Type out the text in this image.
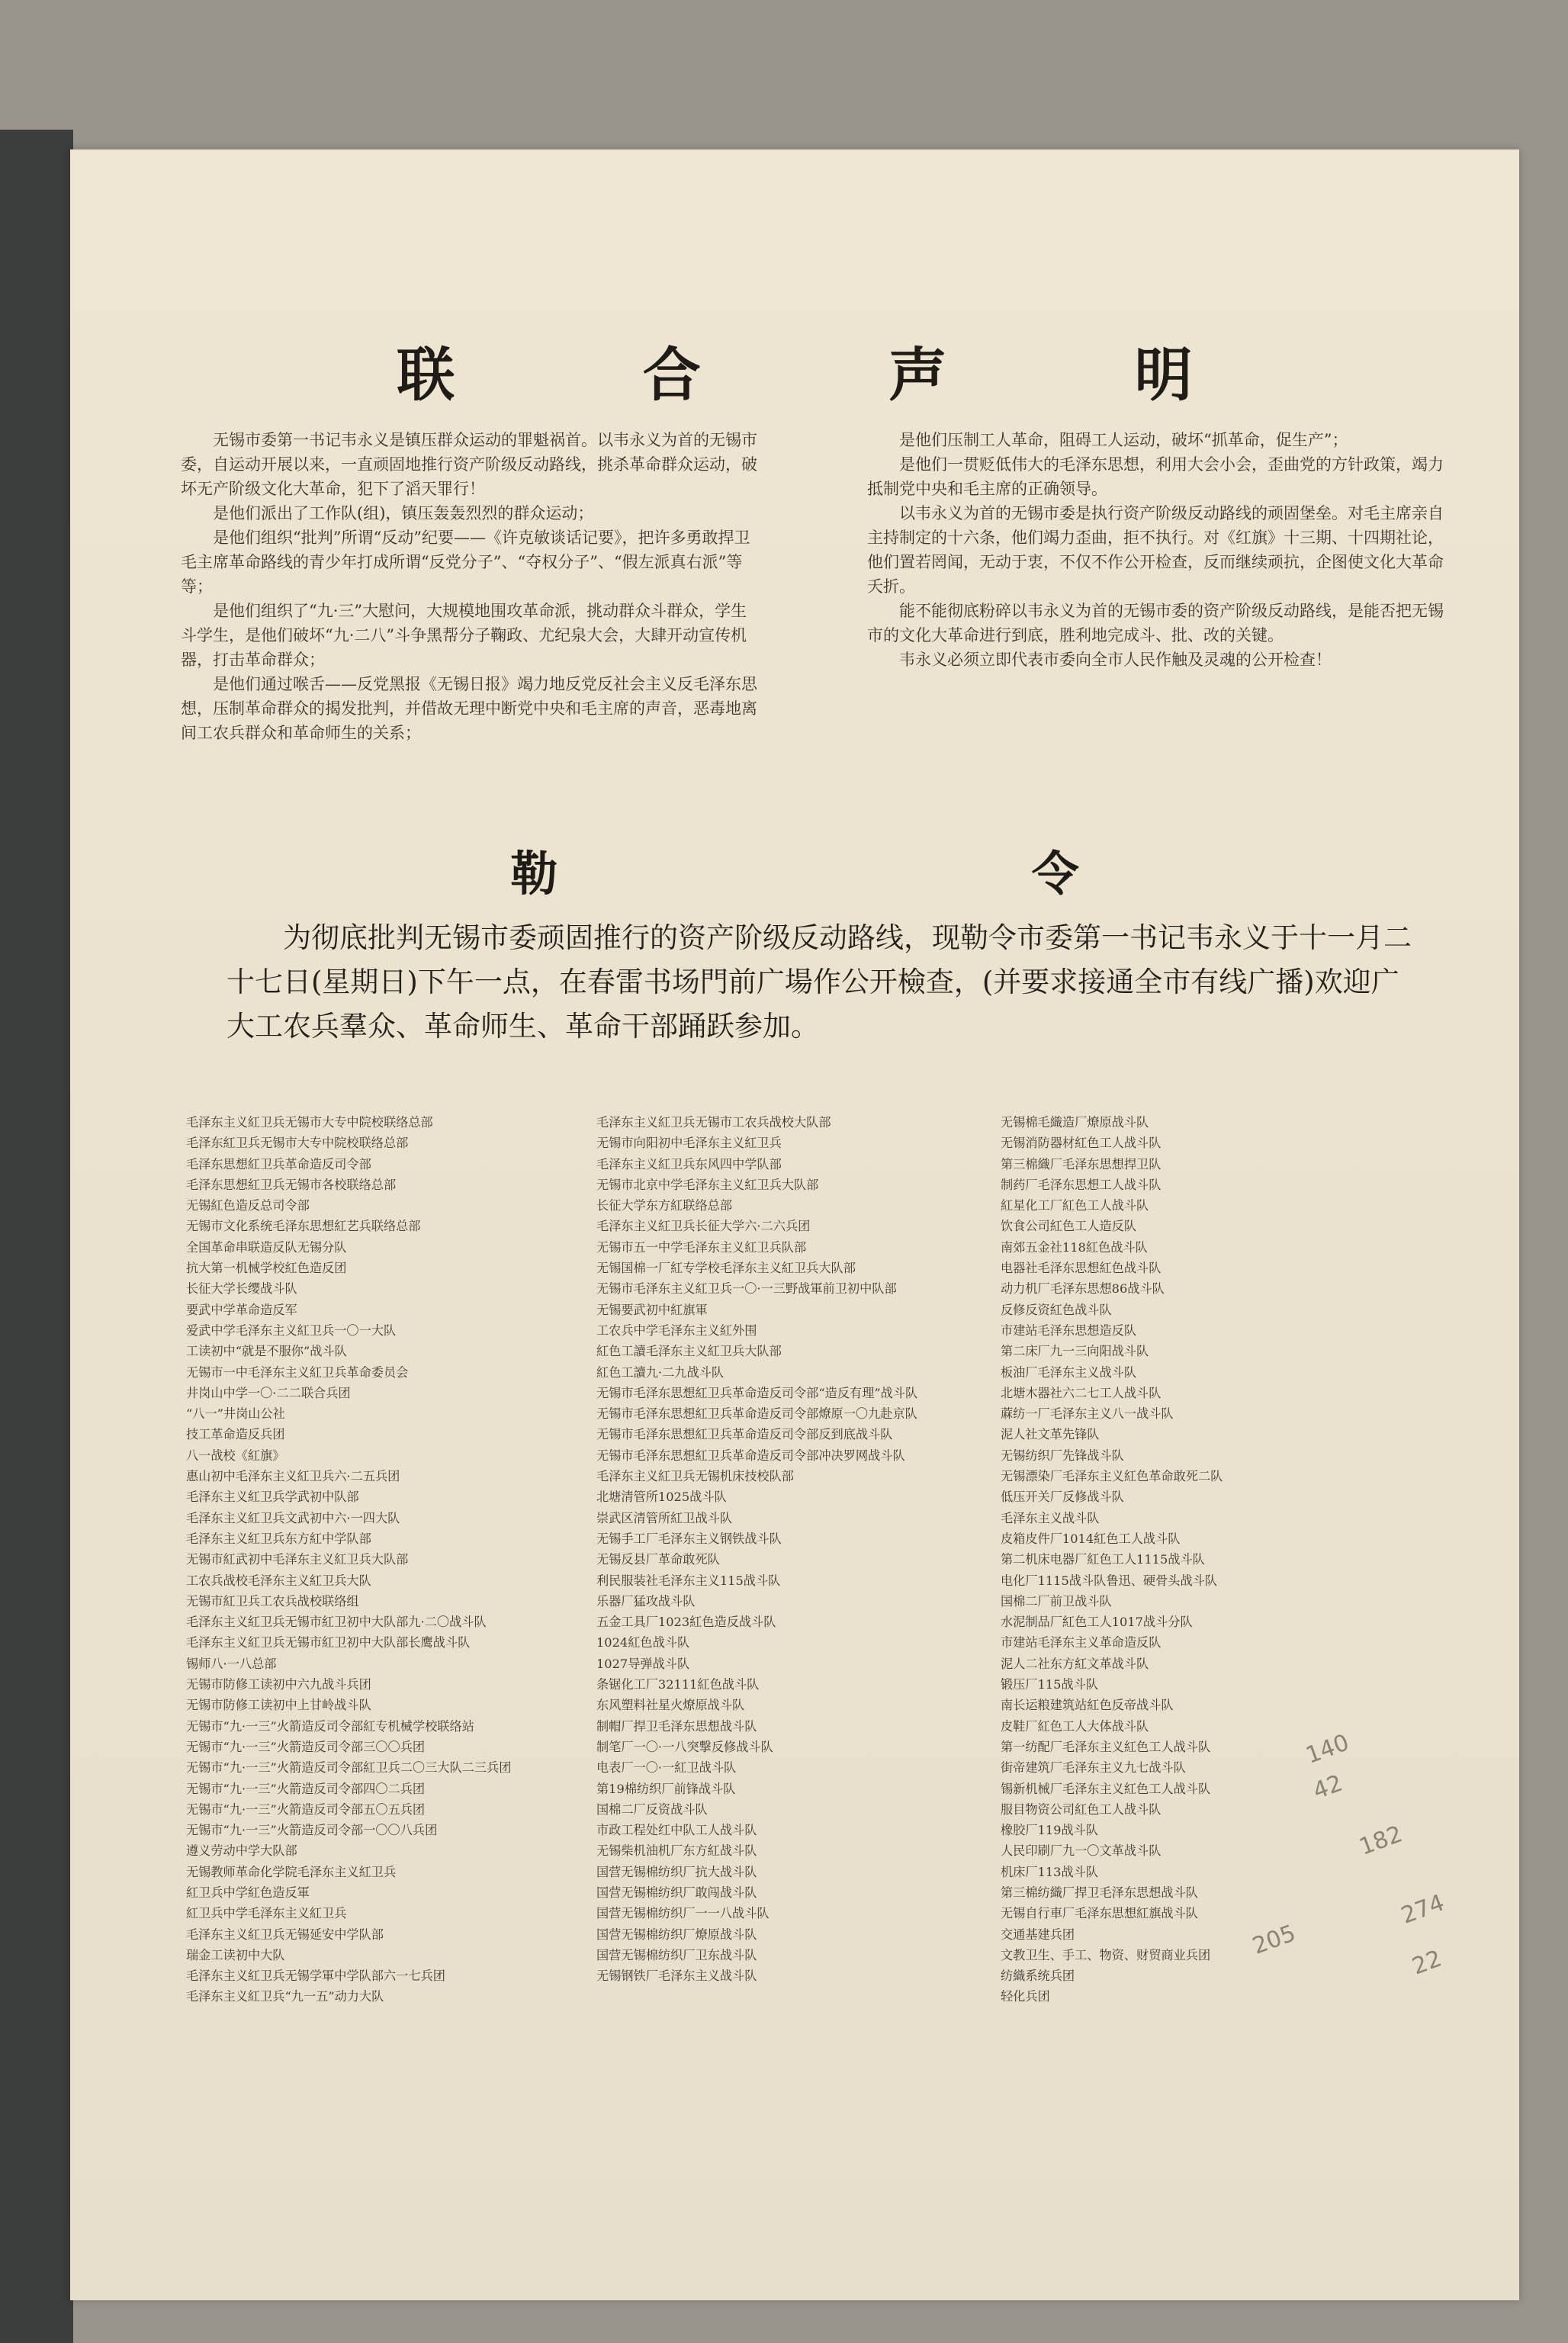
联 合 声 明

无锡市委第一书记韦永义是镇压群众运动的罪魁祸首。以韦永义为首的无锡市委，自运动开展以来，一直顽固地推行资产阶级反动路线，挑杀革命群众运动，破坏无产阶级文化大革命，犯下了滔天罪行！

是他们派出了工作队(组)，镇压轰轰烈烈的群众运动；

是他们组织“批判”所谓“反动”纪要——《许克敏谈话记要》，把许多勇敢捍卫毛主席革命路线的青少年打成所谓“反党分子”、“夺权分子”、“假左派真右派”等等；

是他们组织了“九·三”大慰问，大规模地围攻革命派，挑动群众斗群众，学生斗学生，是他们破坏“九·二八”斗争黑帮分子鞠政、尤纪泉大会，大肆开动宣传机器，打击革命群众；

是他们通过喉舌——反党黑报《无锡日报》竭力地反党反社会主义反毛泽东思想，压制革命群众的揭发批判，并借故无理中断党中央和毛主席的声音，恶毒地离间工农兵群众和革命师生的关系；

是他们压制工人革命，阻碍工人运动，破坏“抓革命，促生产”；

是他们一贯贬低伟大的毛泽东思想，利用大会小会，歪曲党的方针政策，竭力抵制党中央和毛主席的正确领导。

以韦永义为首的无锡市委是执行资产阶级反动路线的顽固堡垒。对毛主席亲自主持制定的十六条，他们竭力歪曲，拒不执行。对《红旗》十三期、十四期社论，他们置若罔闻，无动于衷，不仅不作公开检查，反而继续顽抗，企图使文化大革命夭折。

能不能彻底粉碎以韦永义为首的无锡市委的资产阶级反动路线，是能否把无锡市的文化大革命进行到底，胜利地完成斗、批、改的关键。

韦永义必须立即代表市委向全市人民作触及灵魂的公开检查！

勒 令

为彻底批判无锡市委顽固推行的资产阶级反动路线，现勒令市委第一书记韦永义于十一月二十七日(星期日)下午一点，在春雷书场門前广場作公开檢查，(并要求接通全市有线广播)欢迎广大工农兵羣众、革命师生、革命干部踊跃参加。

毛泽东主义紅卫兵无锡市大专中院校联络总部
毛泽东紅卫兵无锡市大专中院校联络总部
毛泽东思想紅卫兵革命造反司令部
毛泽东思想紅卫兵无锡市各校联络总部
无锡紅色造反总司令部
无锡市文化系统毛泽东思想紅艺兵联络总部
全国革命串联造反队无锡分队
抗大第一机械学校紅色造反团
长征大学长缨战斗队
要武中学革命造反军
爱武中学毛泽东主义紅卫兵一〇一大队
工读初中“就是不服你”战斗队
无锡市一中毛泽东主义紅卫兵革命委员会
井岗山中学一〇·二二联合兵团
“八一”井岗山公社
技工革命造反兵团
八一战校《紅旗》
惠山初中毛泽东主义紅卫兵六·二五兵团
毛泽东主义紅卫兵学武初中队部
毛泽东主义紅卫兵文武初中六·一四大队
毛泽东主义紅卫兵东方紅中学队部
无锡市紅武初中毛泽东主义紅卫兵大队部
工农兵战校毛泽东主义紅卫兵大队
无锡市紅卫兵工农兵战校联络组
毛泽东主义紅卫兵无锡市紅卫初中大队部九·二〇战斗队
毛泽东主义紅卫兵无锡市紅卫初中大队部长鹰战斗队
锡师八·一八总部
无锡市防修工读初中六九战斗兵团
无锡市防修工读初中上甘岭战斗队
无锡市“九·一三”火箭造反司令部紅专机械学校联络站
无锡市“九·一三”火箭造反司令部三〇〇兵团
无锡市“九·一三”火箭造反司令部紅卫兵二〇三大队二三兵团
无锡市“九·一三”火箭造反司令部四〇二兵团
无锡市“九·一三”火箭造反司令部五〇五兵团
无锡市“九·一三”火箭造反司令部一〇〇八兵团
遵义劳动中学大队部
无锡教师革命化学院毛泽东主义紅卫兵
紅卫兵中学紅色造反軍
紅卫兵中学毛泽东主义紅卫兵
毛泽东主义紅卫兵无锡延安中学队部
瑞金工读初中大队
毛泽东主义紅卫兵无锡学軍中学队部六一七兵团
毛泽东主义紅卫兵“九一五”动力大队
毛泽东主义紅卫兵无锡市工农兵战校大队部
无锡市向阳初中毛泽东主义紅卫兵
毛泽东主义紅卫兵东风四中学队部
无锡市北京中学毛泽东主义紅卫兵大队部
长征大学东方紅联络总部
毛泽东主义紅卫兵长征大学六·二六兵团
无锡市五一中学毛泽东主义紅卫兵队部
无锡国棉一厂紅专学校毛泽东主义紅卫兵大队部
无锡市毛泽东主义紅卫兵一〇·一三野战軍前卫初中队部
无锡要武初中紅旗軍
工农兵中学毛泽东主义紅外围
紅色工讀毛泽东主义紅卫兵大队部
紅色工讀九·二九战斗队
无锡市毛泽东思想紅卫兵革命造反司令部“造反有理”战斗队
无锡市毛泽东思想紅卫兵革命造反司令部燎原一〇九赴京队
无锡市毛泽东思想紅卫兵革命造反司令部反到底战斗队
无锡市毛泽东思想紅卫兵革命造反司令部冲决罗网战斗队
毛泽东主义紅卫兵无锡机床技校队部
北塘清管所1025战斗队
崇武区清管所紅卫战斗队
无锡手工厂毛泽东主义钢铁战斗队
无锡反县厂革命敢死队
利民服装社毛泽东主义115战斗队
乐器厂猛攻战斗队
五金工具厂1023紅色造反战斗队
1024紅色战斗队
1027导弹战斗队
条锯化工厂32111紅色战斗队
东风塑料社星火燎原战斗队
制帽厂捍卫毛泽东思想战斗队
制笔厂一〇·一八突撃反修战斗队
电表厂一〇·一紅卫战斗队
第19棉纺织厂前锋战斗队
国棉二厂反资战斗队
市政工程处红中队工人战斗队
无锡柴机油机厂东方紅战斗队
国营无锡棉纺织厂抗大战斗队
国营无锡棉纺织厂敢闯战斗队
国营无锡棉纺织厂一一八战斗队
国营无锡棉纺织厂燎原战斗队
国营无锡棉纺织厂卫东战斗队
无锡钢铁厂毛泽东主义战斗队
无锡棉毛織造厂燎原战斗队
无锡消防器材紅色工人战斗队
第三棉織厂毛泽东思想捍卫队
制药厂毛泽东思想工人战斗队
紅星化工厂紅色工人战斗队
饮食公司紅色工人造反队
南郊五金社118紅色战斗队
电器社毛泽东思想紅色战斗队
动力机厂毛泽东思想86战斗队
反修反资紅色战斗队
市建站毛泽东思想造反队
第二床厂九一三向阳战斗队
板油厂毛泽东主义战斗队
北塘木器社六二七工人战斗队
蔴纺一厂毛泽东主义八一战斗队
泥人社文革先锋队
无锡纺织厂先锋战斗队
无锡漂染厂毛泽东主义紅色革命敢死二队
低压开关厂反修战斗队
毛泽东主义战斗队
皮箱皮件厂1014紅色工人战斗队
第二机床电器厂紅色工人1115战斗队
电化厂1115战斗队鲁迅、硬骨头战斗队
国棉二厂前卫战斗队
水泥制品厂紅色工人1017战斗分队
市建站毛泽东主义革命造反队
泥人二社东方紅文革战斗队
锻压厂115战斗队
南长运粮建筑站紅色反帝战斗队
皮鞋厂紅色工人大体战斗队
第一纺配厂毛泽东主义紅色工人战斗队
街帝建筑厂毛泽东主义九七战斗队
锡新机械厂毛泽东主义紅色工人战斗队
服目物资公司紅色工人战斗队
橡胶厂119战斗队
人民印刷厂九一〇文革战斗队
机床厂113战斗队
第三棉纺織厂捍卫毛泽东思想战斗队
无锡自行車厂毛泽东思想紅旗战斗队
交通基建兵团
文教卫生、手工、物资、财贸商业兵团
纺織系统兵团
轻化兵团
140
42
182
274
205
22
